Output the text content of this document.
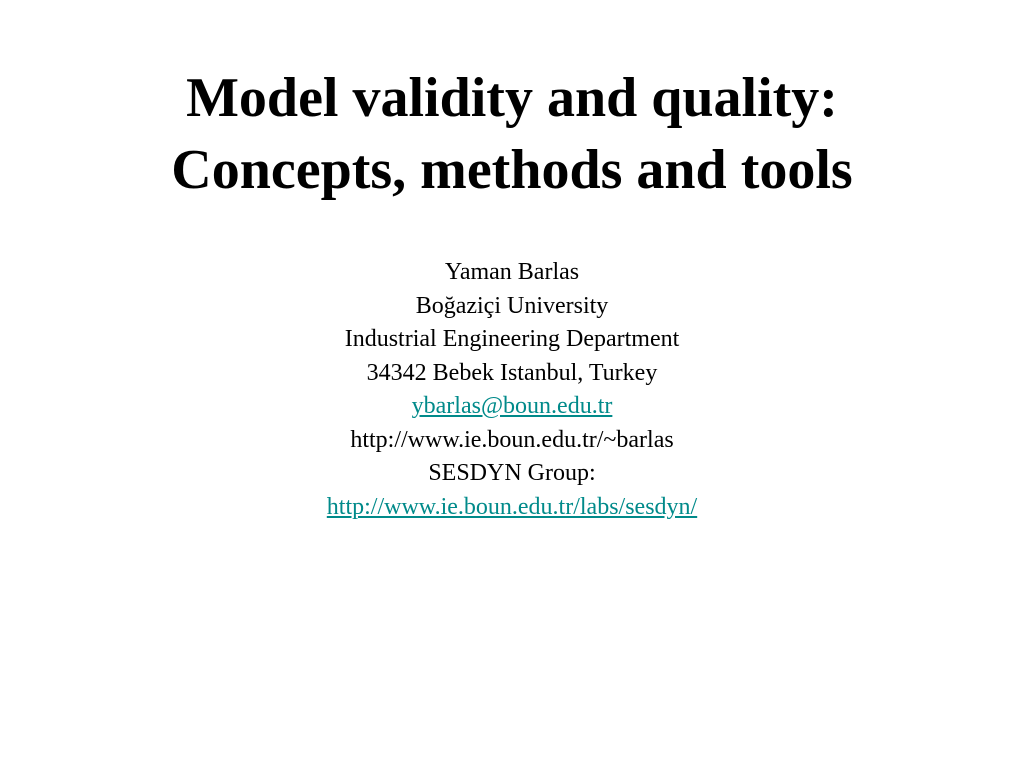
Model validity and quality:
Concepts, methods and tools
Yaman Barlas
Boğaziçi University
Industrial Engineering Department
34342 Bebek Istanbul, Turkey
ybarlas@boun.edu.tr
http://www.ie.boun.edu.tr/~barlas
SESDYN Group:
http://www.ie.boun.edu.tr/labs/sesdyn/
